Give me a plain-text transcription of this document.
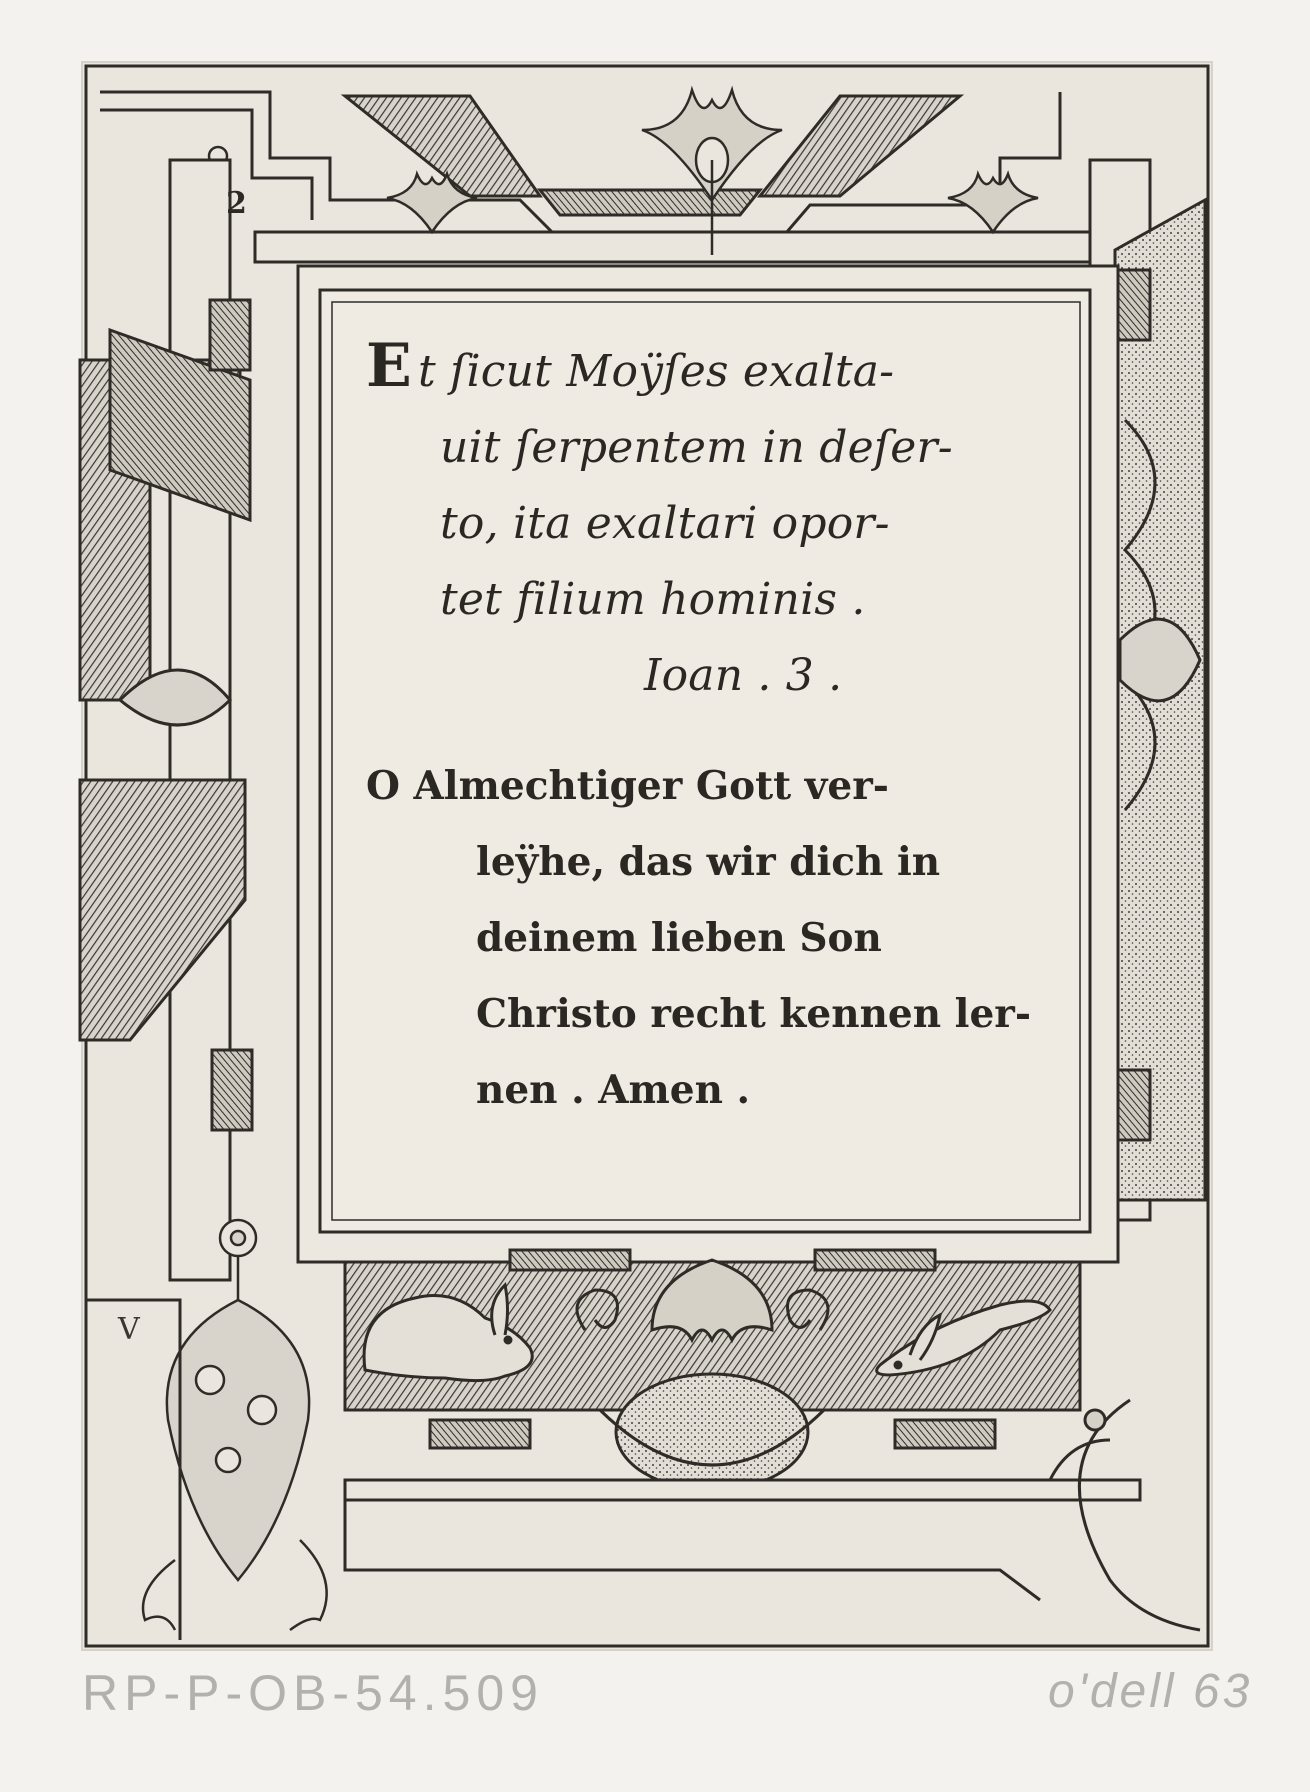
2
V

E t ſicut Moÿſes exalta-
uit ſerpentem in deſer-
to, ita exaltari opor-
tet filium hominis .
Ioan . 3 .

O Almechtiger Gott ver-
leÿhe, das wir dich in
deinem lieben Son
Christo recht kennen ler-
nen . Amen .

RP-P-OB-54.509	o'dell 63
